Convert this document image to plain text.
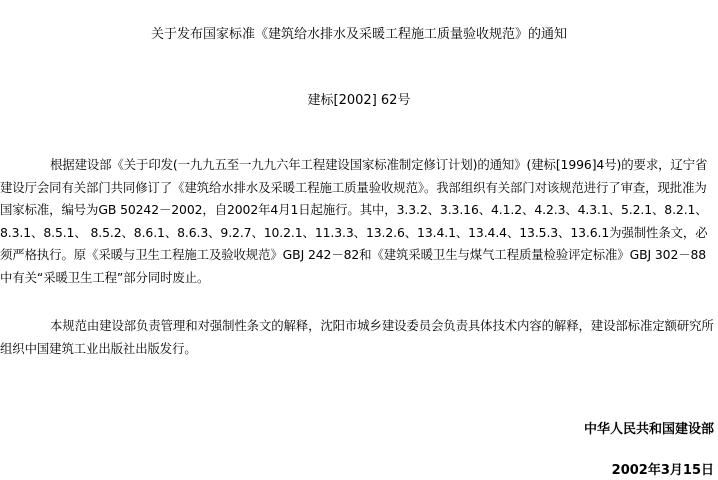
关于发布国家标准《建筑给水排水及采暖工程施工质量验收规范》的通知
建标[2002] 62号
根据建设部《关于印发(一九九五至一九九六年工程建设国家标准制定修订计划)的通知》(建标[1996]4号)的要求，辽宁省建设厅会同有关部门共同修订了《建筑给水排水及采暖工程施工质量验收规范》。我部组织有关部门对该规范进行了审查，现批准为国家标准，编号为GB 50242－2002，自2002年4月1日起施行。其中，3.3.2、3.3.16、4.1.2、4.2.3、4.3.1、5.2.1、8.2.1、8.3.1、8.5.1、 8.5.2、8.6.1、8.6.3、9.2.7、10.2.1、11.3.3、13.2.6、13.4.1、13.4.4、13.5.3、13.6.1为强制性条文，必须严格执行。原《采暖与卫生工程施工及验收规范》GBJ 242－82和《建筑采暖卫生与煤气工程质量检验评定标准》GBJ 302－88中有关“采暖卫生工程”部分同时废止。
本规范由建设部负责管理和对强制性条文的解释，沈阳市城乡建设委员会负责具体技术内容的解释，建设部标准定额研究所组织中国建筑工业出版社出版发行。
中华人民共和国建设部
2002年3月15日
